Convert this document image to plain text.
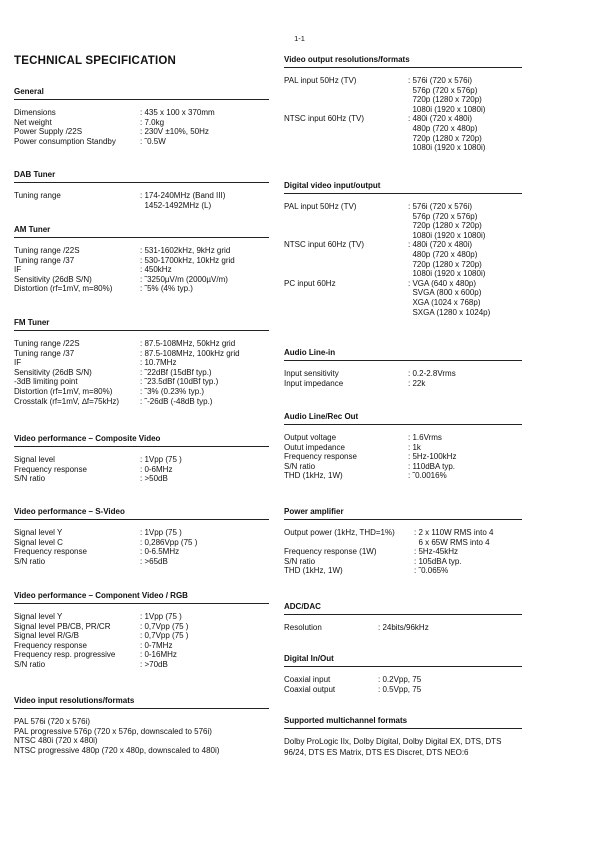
1-1
TECHNICAL SPECIFICATION
General
Dimensions	: 435 x 100 x 370mm
Net weight	: 7.0kg
Power Supply /22S	: 230V ±10%, 50Hz
Power consumption Standby	: ˜0.5W
DAB Tuner
Tuning range	: 174-240MHz (Band III)
1452-1492MHz (L)
AM Tuner
Tuning range /22S	: 531-1602kHz, 9kHz grid
Tuning range /37	: 530-1700kHz, 10kHz grid
IF	: 450kHz
Sensitivity (26dB S/N)	: ˜3250µV/m (2000µV/m)
Distortion (rf=1mV, m=80%)	: ˜5% (4% typ.)
FM Tuner
Tuning range /22S	: 87.5-108MHz, 50kHz grid
Tuning range /37	: 87.5-108MHz, 100kHz grid
IF	: 10.7MHz
Sensitivity (26dB S/N)	: ˜22dBf (15dBf typ.)
-3dB limiting point	: ˜23.5dBf (10dBf typ.)
Distortion (rf=1mV, m=80%)	: ˜3% (0.23% typ.)
Crosstalk (rf=1mV, ∆f=75kHz)	: ˜-26dB (-48dB typ.)
Video performance – Composite Video
Signal level	: 1Vpp (75 )
Frequency response	: 0-6MHz
S/N ratio	: >50dB
Video performance – S-Video
Signal level Y	: 1Vpp (75 )
Signal level C	: 0,286Vpp (75 )
Frequency response	: 0-6.5MHz
S/N ratio	: >65dB
Video performance – Component Video / RGB
Signal level Y	: 1Vpp (75 )
Signal level PB/CB, PR/CR	: 0,7Vpp (75 )
Signal level R/G/B	: 0,7Vpp (75 )
Frequency response	: 0-7MHz
Frequency resp. progressive	: 0-16MHz
S/N ratio	: >70dB
Video input resolutions/formats
PAL 576i (720 x 576i)
PAL progressive 576p (720 x 576p, downscaled to 576i)
NTSC 480i (720 x 480i)
NTSC progressive 480p (720 x 480p, downscaled to 480i)
Video output resolutions/formats
PAL input 50Hz (TV)	: 576i (720 x 576i)
576p (720 x 576p)
720p (1280 x 720p)
1080i (1920 x 1080i)
NTSC input 60Hz (TV)	: 480i (720 x 480i)
480p (720 x 480p)
720p (1280 x 720p)
1080i (1920 x 1080i)
Digital video input/output
PAL input 50Hz (TV)	: 576i (720 x 576i)
576p (720 x 576p)
720p (1280 x 720p)
1080i (1920 x 1080i)
NTSC input 60Hz (TV)	: 480i (720 x 480i)
480p (720 x 480p)
720p (1280 x 720p)
1080i (1920 x 1080i)
PC input 60Hz	: VGA (640 x 480p)
SVGA (800 x 600p)
XGA (1024 x 768p)
SXGA (1280 x 1024p)
Audio Line-in
Input sensitivity	: 0.2-2.8Vrms
Input impedance	: 22k
Audio Line/Rec Out
Output voltage	: 1.6Vrms
Outut impedance	: 1k
Frequency response	: 5Hz-100kHz
S/N ratio	: 110dBA typ.
THD (1kHz, 1W)	: ˜0.0016%
Power amplifier
Output power (1kHz, THD=1%)	: 2 x 110W RMS into 4
6 x 65W RMS into 4
Frequency response (1W)	: 5Hz-45kHz
S/N ratio	: 105dBA typ.
THD (1kHz, 1W)	: ˜0.065%
ADC/DAC
Resolution	: 24bits/96kHz
Digital In/Out
Coaxial input	: 0.2Vpp, 75
Coaxial output	: 0.5Vpp, 75
Supported multichannel formats
Dolby ProLogic IIx, Dolby Digital, Dolby Digital EX, DTS, DTS 96/24, DTS ES Matrix, DTS ES Discret, DTS NEO:6
